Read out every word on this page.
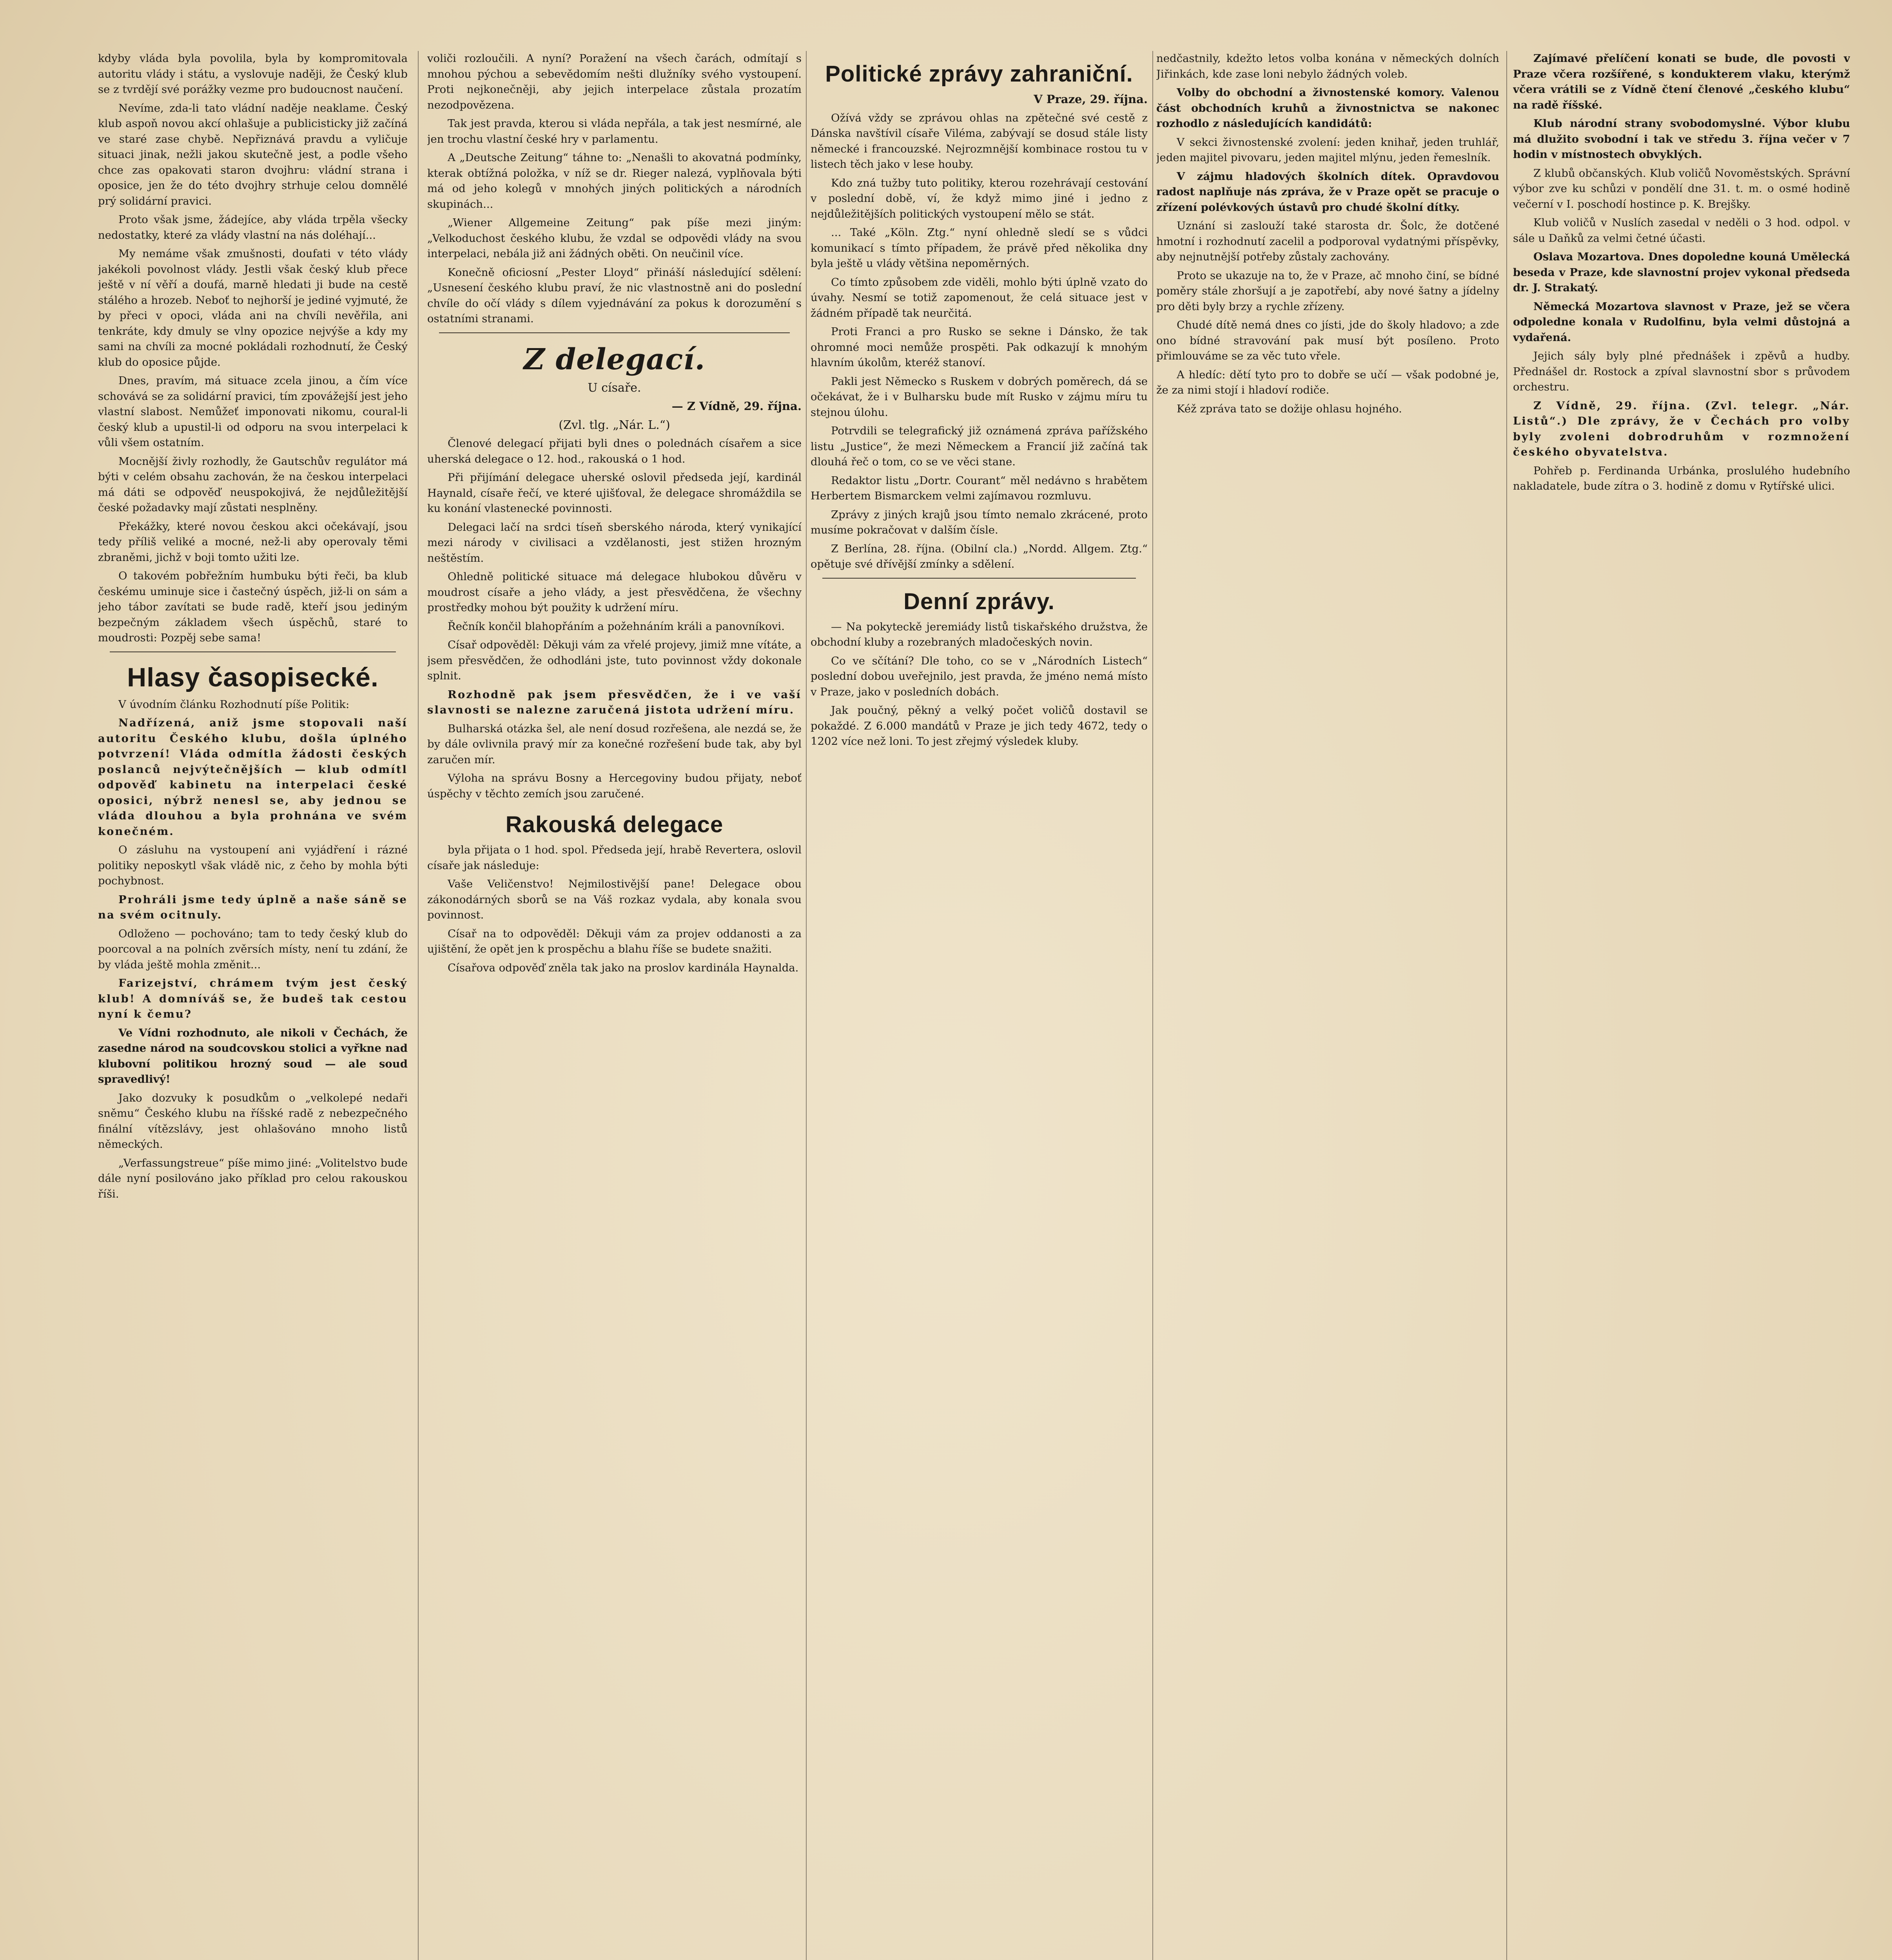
kdyby vláda byla povolila, byla by kompromitovala autoritu vlády i státu, a vyslovuje naději, že Český klub se z tvrdějí své porážky vezme pro budoucnost naučení.

Nevíme, zda-li tato vládní naděje neaklame. Český klub aspoň novou akcí ohlašuje a publicisticky již začíná ve staré zase chybě. Nepřiznává pravdu a vyličuje situaci jinak, nežli jakou skutečně jest, a podle všeho chce zas opakovati staron dvojhru: vládní strana i oposice, jen že do této dvojhry strhuje celou domnělé prý solidární pravici.

Proto však jsme, žádejíce, aby vláda trpěla všecky nedostatky, které za vlády vlastní na nás doléhají...

My nemáme však zmušnosti, doufati v této vlády jakékoli povolnost vlády. Jestli však český klub přece ještě v ní věří a doufá, marně hledati ji bude na cestě stálého a hrozeb. Neboť to nejhorší je jediné vyjmuté, že by přeci v opoci, vláda ani na chvíli nevěřila, ani tenkráte, kdy dmuly se vlny opozice nejvýše a kdy my sami na chvíli za mocné pokládali rozhodnutí, že Český klub do oposice půjde.

Dnes, pravím, má situace zcela jinou, a čím více schovává se za solidární pravici, tím zpovážejší jest jeho vlastní slabost. Nemůžeť imponovati nikomu, coural-li český klub a upustil-li od odporu na svou interpelaci k vůli všem ostatním.

Mocnější živly rozhodly, že Gautschův regulátor má býti v celém obsahu zachován, že na českou interpelaci má dáti se odpověď neuspokojivá, že nejdůležitější české požadavky mají zůstati nesplněny.

Překážky, které novou českou akci očekávají, jsou tedy příliš veliké a mocné, než-li aby operovaly těmi zbraněmi, jichž v boji tomto užiti lze.

O takovém pobřežním humbuku býti řeči, ba klub českému uminuje sice i častečný úspěch, již-li on sám a jeho tábor zavítati se bude radě, kteří jsou jediným bezpečným základem všech úspěchů, staré to moudrosti: Pozpěj sebe sama!

Hlasy časopisecké.

V úvodním článku Rozhodnutí píše Politik:

Nadřízená, aniž jsme stopovali naší autoritu Českého klubu, došla úplného potvrzení! Vláda odmítla žádosti českých poslanců nejvýtečnějších — klub odmítl odpověď kabinetu na interpelaci české oposici, nýbrž nenesl se, aby jednou se vláda dlouhou a byla prohnána ve svém konečném.

O zásluhu na vystoupení ani vyjádření i rázné politiky neposkytl však vládě nic, z čeho by mohla býti pochybnost.

Prohráli jsme tedy úplně a naše sáně se na svém ocitnuly.

Odloženo — pochováno; tam to tedy český klub do poorcoval a na polních zvěrsích místy, není tu zdání, že by vláda ještě mohla změnit...

Farizejství, chrámem tvým jest český klub! A domníváš se, že budeš tak cestou nyní k čemu?

Ve Vídni rozhodnuto, ale nikoli v Čechách, že zasedne národ na soudcovskou stolici a vyřkne nad klubovní politikou hrozný soud — ale soud spravedlivý!

Jako dozvuky k posudkům o „velkolepé nedaři sněmu“ Českého klubu na říšské radě z nebezpečného finální vítězslávy, jest ohlašováno mnoho listů německých.

„Verfassungstreue“ píše mimo jiné: „Volitelstvo bude dále nyní posilováno jako příklad pro celou rakouskou říši.

voliči rozloučili. A nyní? Poražení na všech čarách, odmítají s mnohou pýchou a sebevědomím nešti dlužníky svého vystoupení. Proti nejkonečněji, aby jejich interpelace zůstala prozatím nezodpovězena.

Tak jest pravda, kterou si vláda nepřála, a tak jest nesmírné, ale jen trochu vlastní české hry v parlamentu.

A „Deutsche Zeitung“ táhne to: „Nenašli to akovatná podmínky, kterak obtížná položka, v níž se dr. Rieger nalezá, vyplňovala býti má od jeho kolegů v mnohých jiných politických a národních skupinách...

„Wiener Allgemeine Zeitung“ pak píše mezi jiným: „Velkoduchost českého klubu, že vzdal se odpovědi vlády na svou interpelaci, nebála již ani žádných oběti. On neučinil více.

Konečně oficiosní „Pester Lloyd“ přináší následující sdělení: „Usnesení českého klubu praví, že nic vlastnostně ani do poslední chvíle do očí vlády s dílem vyjednávání za pokus k dorozumění s ostatními stranami.

Z delegací.

U císaře.

— Z Vídně, 29. října.

(Zvl. tlg. „Nár. L.“)

Členové delegací přijati byli dnes o polednách císařem a sice uherská delegace o 12. hod., rakouská o 1 hod.

Při přijímání delegace uherské oslovil předseda její, kardinál Haynald, císaře řečí, ve které ujišťoval, že delegace shromáždila se ku konání vlastenecké povinnosti.

Delegaci lačí na srdci tíseň sberského národa, který vynikající mezi národy v civilisaci a vzdělanosti, jest stižen hrozným neštěstím.

Ohledně politické situace má delegace hlubokou důvěru v moudrost císaře a jeho vlády, a jest přesvědčena, že všechny prostředky mohou být použity k udržení míru.

Řečník končil blahopřáním a požehnáním králi a panovníkovi.

Císař odpověděl: Děkuji vám za vřelé projevy, jimiž mne vítáte, a jsem přesvědčen, že odhodláni jste, tuto povinnost vždy dokonale splnit.

Rozhodně pak jsem přesvědčen, že i ve vaší slavnosti se nalezne zaručená jistota udržení míru.

Bulharská otázka šel, ale není dosud rozřešena, ale nezdá se, že by dále ovlivnila pravý mír za konečné rozřešení bude tak, aby byl zaručen mír.

Výloha na správu Bosny a Hercegoviny budou přijaty, neboť úspěchy v těchto zemích jsou zaručené.

Rakouská delegace

byla přijata o 1 hod. spol. Předseda její, hrabě Revertera, oslovil císaře jak následuje:

Vaše Veličenstvo! Nejmilostivější pane! Delegace obou zákonodárných sborů se na Váš rozkaz vydala, aby konala svou povinnost.

Císař na to odpověděl: Děkuji vám za projev oddanosti a za ujištění, že opět jen k prospěchu a blahu říše se budete snažiti.

Císařova odpověď zněla tak jako na proslov kardinála Haynalda.

Politické zprávy zahraniční.

V Praze, 29. října.

Ožívá vždy se zprávou ohlas na zpětečné své cestě z Dánska navštívil císaře Viléma, zabývají se dosud stále listy německé i francouzské. Nejrozmnější kombinace rostou tu v listech těch jako v lese houby.

Kdo zná tužby tuto politiky, kterou rozehrávají cestování v poslední době, ví, že když mimo jiné i jedno z nejdůležitějších politických vystoupení mělo se stát.

... Také „Köln. Ztg.“ nyní ohledně sledí se s vůdci komunikací s tímto případem, že právě před několika dny byla ještě u vlády většina nepoměrných.

Co tímto způsobem zde viděli, mohlo býti úplně vzato do úvahy. Nesmí se totiž zapomenout, že celá situace jest v žádném případě tak neurčitá.

Proti Franci a pro Rusko se sekne i Dánsko, že tak ohromné moci nemůže prospěti. Pak odkazují k mnohým hlavním úkolům, kteréž stanoví.

Pakli jest Německo s Ruskem v dobrých poměrech, dá se očekávat, že i v Bulharsku bude mít Rusko v zájmu míru tu stejnou úlohu.

Potrvdili se telegrafický již oznámená zpráva pařížského listu „Justice“, že mezi Německem a Francií již začíná tak dlouhá řeč o tom, co se ve věci stane.

Redaktor listu „Dortr. Courant“ měl nedávno s hrabětem Herbertem Bismarckem velmi zajímavou rozmluvu.

Zprávy z jiných krajů jsou tímto nemalo zkrácené, proto musíme pokračovat v dalším čísle.

Z Berlína, 28. října. (Obilní cla.) „Nordd. Allgem. Ztg.“ opětuje své dřívější zmínky a sdělení.

Denní zprávy.

— Na pokyteckě jeremiády listů tiskařského družstva, že obchodní kluby a rozebraných mladočeských novin.

Co ve sčítání? Dle toho, co se v „Národních Listech“ poslední dobou uveřejnilo, jest pravda, že jméno nemá místo v Praze, jako v posledních dobách.

Jak poučný, pěkný a velký počet voličů dostavil se pokaždé. Z 6.000 mandátů v Praze je jich tedy 4672, tedy o 1202 více než loni. To jest zřejmý výsledek kluby.

nedčastnily, kdežto letos volba konána v německých dolních Jiřinkách, kde zase loni nebylo žádných voleb.

Volby do obchodní a živnostenské komory. Valenou část obchodních kruhů a živnostnictva se nakonec rozhodlo z následujících kandidátů:

V sekci živnostenské zvolení: jeden knihař, jeden truhlář, jeden majitel pivovaru, jeden majitel mlýnu, jeden řemeslník.

V zájmu hladových školních dítek. Opravdovou radost naplňuje nás zpráva, že v Praze opět se pracuje o zřízení polévkových ústavů pro chudé školní dítky.

Uznání si zaslouží také starosta dr. Šolc, že dotčené hmotní i rozhodnutí zacelil a podporoval vydatnými příspěvky, aby nejnutnější potřeby zůstaly zachovány.

Proto se ukazuje na to, že v Praze, ač mnoho činí, se bídné poměry stále zhoršují a je zapotřebí, aby nové šatny a jídelny pro děti byly brzy a rychle zřízeny.

Chudé dítě nemá dnes co jísti, jde do školy hladovo; a zde ono bídné stravování pak musí být posíleno. Proto přimlouváme se za věc tuto vřele.

A hledíc: dětí tyto pro to dobře se učí — však podobné je, že za nimi stojí i hladoví rodiče.

Kéž zpráva tato se dožije ohlasu hojného.

Zajímavé přelíčení konati se bude, dle povosti v Praze včera rozšířené, s kondukterem vlaku, kterýmž včera vrátili se z Vídně čtení členové „českého klubu“ na radě říšské.

Klub národní strany svobodomyslné. Výbor klubu má dlužito svobodní i tak ve středu 3. října večer v 7 hodin v místnostech obvyklých.

Z klubů občanských. Klub voličů Novoměstských. Správní výbor zve ku schůzi v pondělí dne 31. t. m. o osmé hodině večerní v I. poschodí hostince p. K. Brejšky.

Klub voličů v Nuslích zasedal v neděli o 3 hod. odpol. v sále u Daňků za velmi četné účasti.

Oslava Mozartova. Dnes dopoledne kouná Umělecká beseda v Praze, kde slavnostní projev vykonal předseda dr. J. Strakatý.

Německá Mozartova slavnost v Praze, jež se včera odpoledne konala v Rudolfinu, byla velmi důstojná a vydařená.

Jejich sály byly plné přednášek i zpěvů a hudby. Přednášel dr. Rostock a zpíval slavnostní sbor s průvodem orchestru.

Z Vídně, 29. října. (Zvl. telegr. „Nár. Listů“.) Dle zprávy, že v Čechách pro volby byly zvoleni dobrodruhům v rozmnožení českého obyvatelstva.

Pohřeb p. Ferdinanda Urbánka, proslulého hudebního nakladatele, bude zítra o 3. hodině z domu v Rytířské ulici.
